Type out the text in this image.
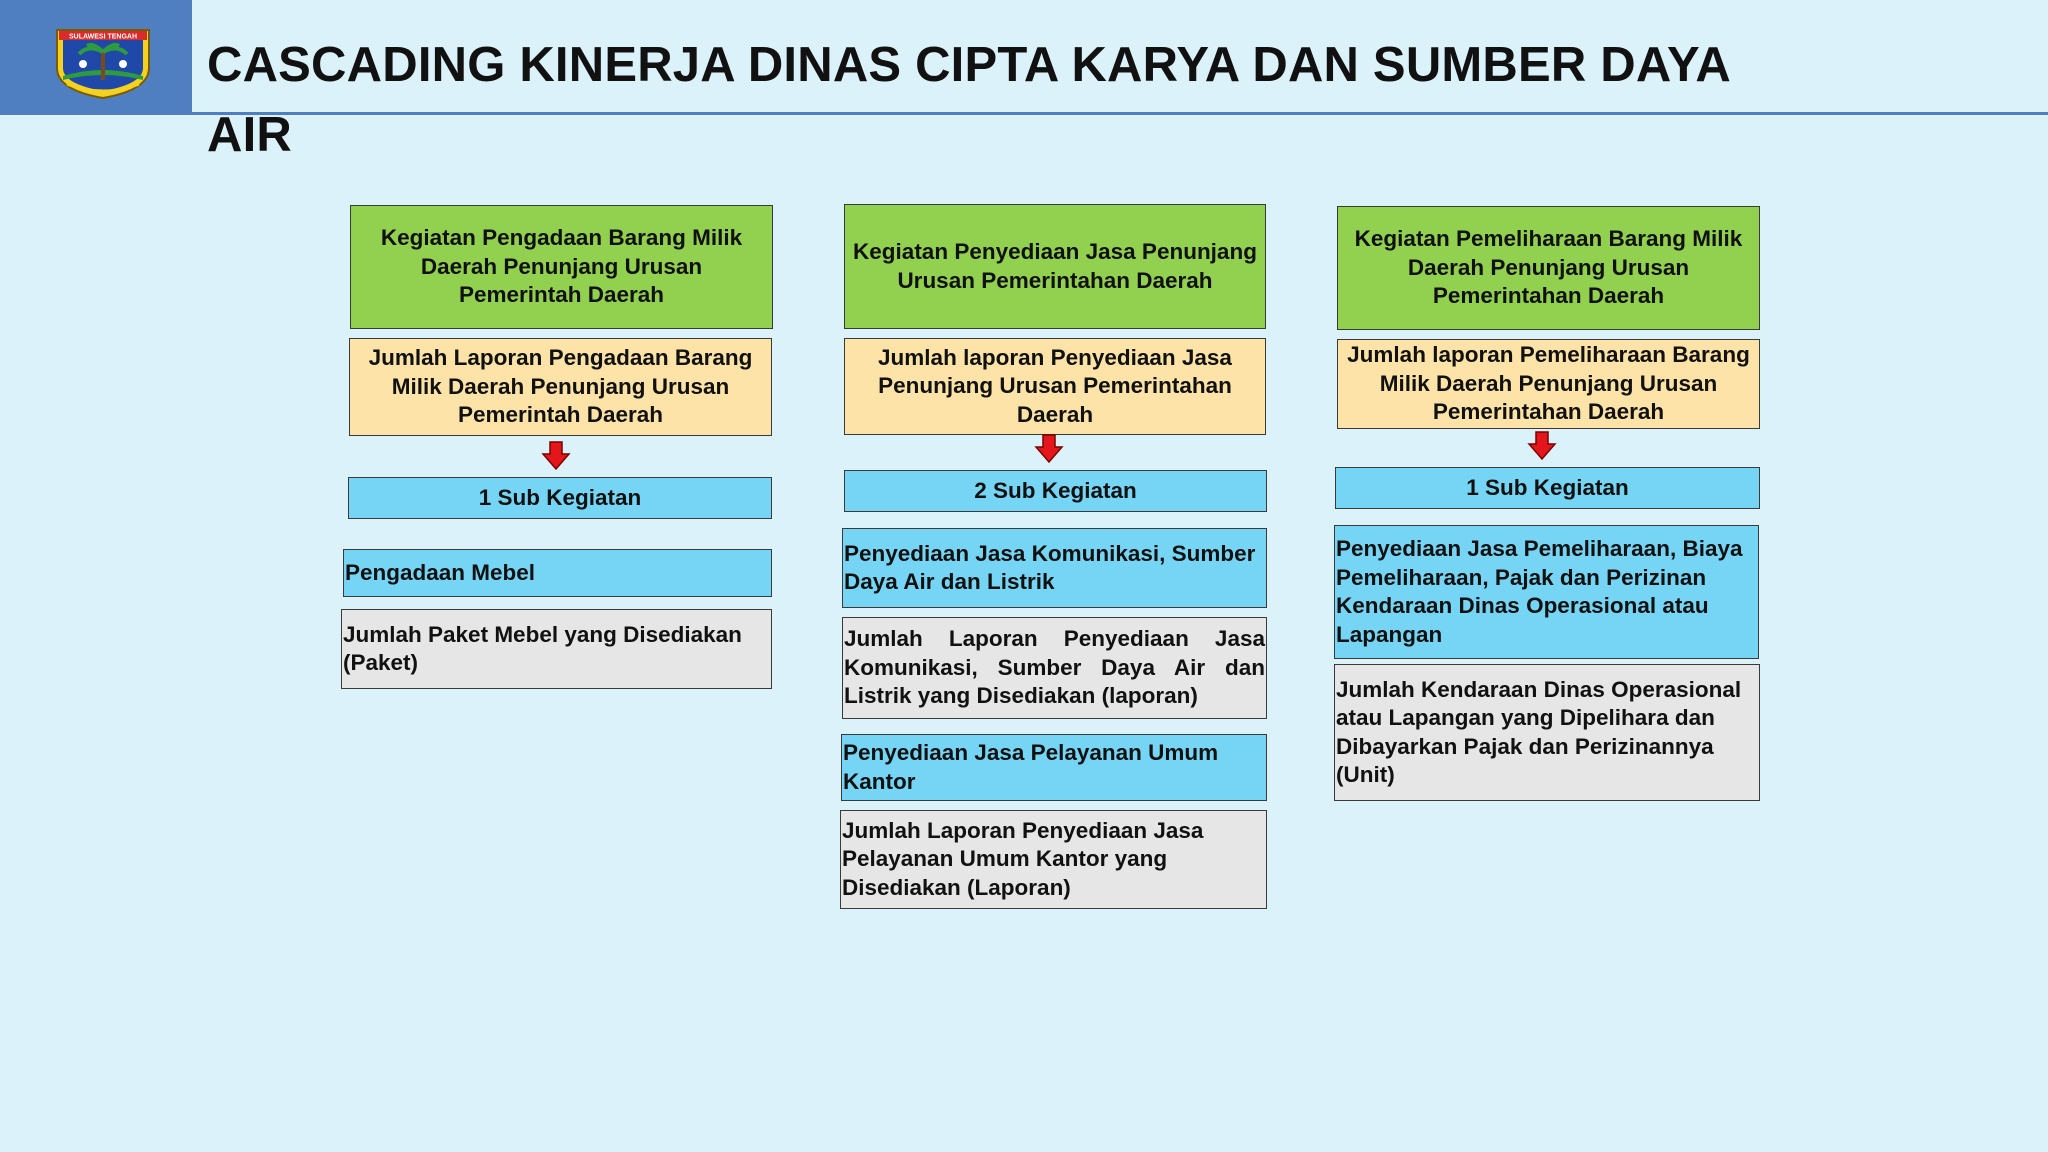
SULAWESI TENGAH
CASCADING KINERJA DINAS CIPTA KARYA DAN SUMBER DAYA AIR
Kegiatan Pengadaan Barang Milik Daerah Penunjang Urusan Pemerintah Daerah
Jumlah Laporan Pengadaan Barang Milik Daerah Penunjang Urusan Pemerintah Daerah
1 Sub Kegiatan
Pengadaan Mebel
Jumlah Paket Mebel yang Disediakan (Paket)
Kegiatan Penyediaan Jasa Penunjang Urusan Pemerintahan Daerah
Jumlah laporan Penyediaan Jasa Penunjang Urusan Pemerintahan Daerah
2 Sub Kegiatan
Penyediaan Jasa Komunikasi, Sumber Daya Air dan Listrik
Jumlah Laporan Penyediaan Jasa Komunikasi, Sumber Daya Air dan Listrik yang Disediakan (laporan)
Penyediaan Jasa Pelayanan Umum Kantor
Jumlah Laporan Penyediaan Jasa Pelayanan Umum Kantor yang Disediakan (Laporan)
Kegiatan Pemeliharaan Barang Milik Daerah Penunjang Urusan Pemerintahan Daerah
Jumlah laporan Pemeliharaan Barang Milik Daerah Penunjang Urusan Pemerintahan Daerah
1 Sub Kegiatan
Penyediaan Jasa Pemeliharaan, Biaya Pemeliharaan, Pajak dan Perizinan Kendaraan Dinas Operasional atau Lapangan
Jumlah Kendaraan Dinas Operasional atau Lapangan yang Dipelihara dan Dibayarkan Pajak dan Perizinannya (Unit)
